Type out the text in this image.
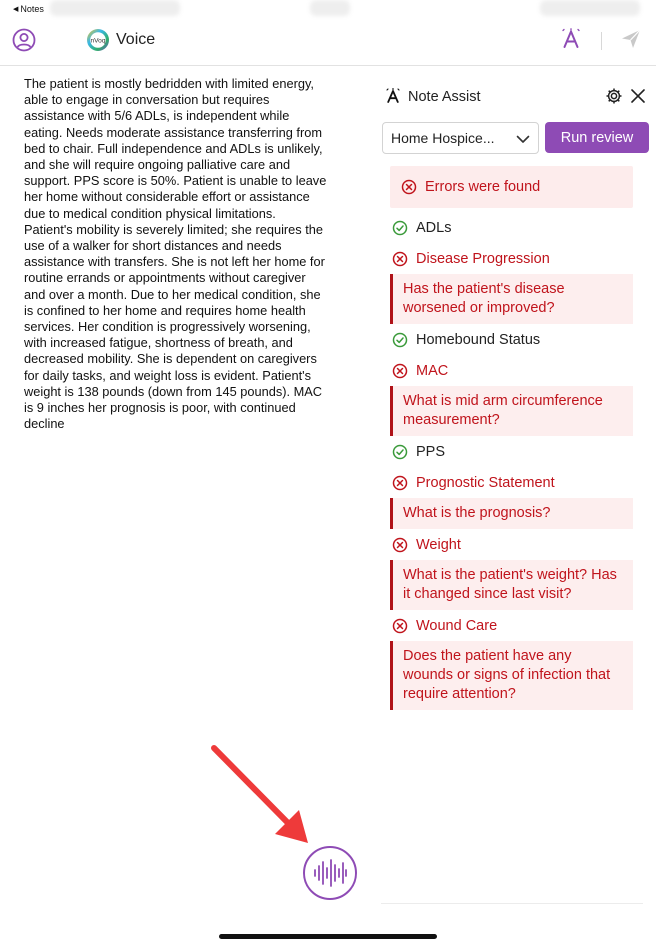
◀ Notes
nVoq Voice
The patient is mostly bedridden with limited energy,
able to engage in conversation but requires
assistance with 5/6 ADLs, is independent while
eating. Needs moderate assistance transferring from
bed to chair. Full independence and ADLs is unlikely,
and she will require ongoing palliative care and
support. PPS score is 50%. Patient is unable to leave
her home without considerable effort or assistance
due to medical condition physical limitations.
Patient's mobility is severely limited; she requires the
use of a walker for short distances and needs
assistance with transfers. She is not left her home for
routine errands or appointments without caregiver
and over a month. Due to her medical condition, she
is confined to her home and requires home health
services. Her condition is progressively worsening,
with increased fatigue, shortness of breath, and
decreased mobility. She is dependent on caregivers
for daily tasks, and weight loss is evident. Patient's
weight is 138 pounds (down from 145 pounds). MAC
is 9 inches her prognosis is poor, with continued
decline
Note Assist
Home Hospice...	Run review
Errors were found
ADLs
Disease Progression
Has the patient's disease worsened or improved?
Homebound Status
MAC
What is mid arm circumference measurement?
PPS
Prognostic Statement
What is the prognosis?
Weight
What is the patient's weight? Has it changed since last visit?
Wound Care
Does the patient have any wounds or signs of infection that require attention?
